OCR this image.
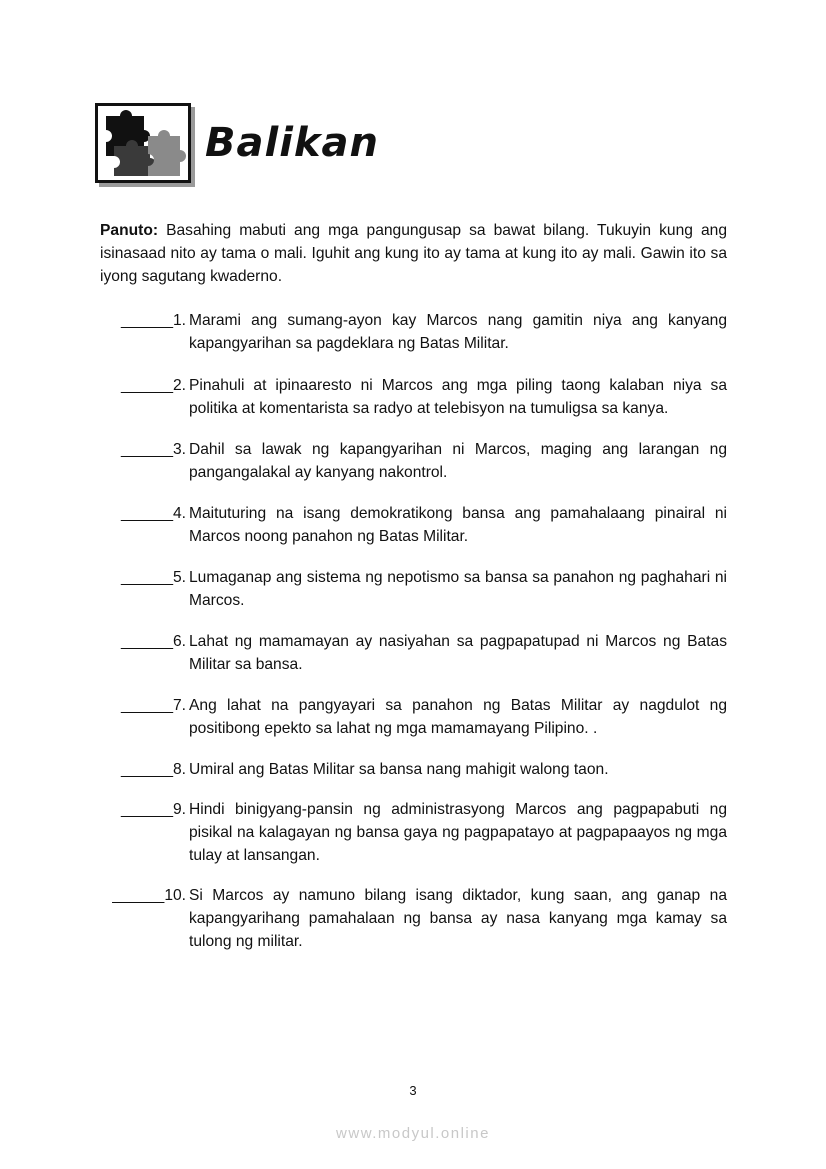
Balikan
Panuto: Basahing mabuti ang mga pangungusap sa bawat bilang. Tukuyin kung ang isinasaad nito ay tama o mali. Iguhit ang kung ito ay tama at kung ito ay mali. Gawin ito sa iyong sagutang kwaderno.
______1. Marami ang sumang-ayon kay Marcos nang gamitin niya ang kanyang kapangyarihan sa pagdeklara ng Batas Militar.
______2. Pinahuli at ipinaaresto ni Marcos ang mga piling taong kalaban niya sa politika at komentarista sa radyo at telebisyon na tumuligsa sa kanya.
______3. Dahil sa lawak ng kapangyarihan ni Marcos, maging ang larangan ng pangangalakal ay kanyang nakontrol.
______4. Maituturing na isang demokratikong bansa ang pamahalaang pinairal ni Marcos noong panahon ng Batas Militar.
______5. Lumaganap ang sistema ng nepotismo sa bansa sa panahon ng paghahari ni Marcos.
______6. Lahat ng mamamayan ay nasiyahan sa pagpapatupad ni Marcos ng Batas Militar sa bansa.
______7. Ang lahat na pangyayari sa panahon ng Batas Militar ay nagdulot ng positibong epekto sa lahat ng mga mamamayang Pilipino. .
______8. Umiral ang Batas Militar sa bansa nang mahigit walong taon.
______9. Hindi binigyang-pansin ng administrasyong Marcos ang pagpapabuti ng pisikal na kalagayan ng bansa gaya ng pagpapatayo at pagpapaayos ng mga tulay at lansangan.
______10. Si Marcos ay namuno bilang isang diktador, kung saan, ang ganap na kapangyarihang pamahalaan ng bansa ay nasa kanyang mga kamay sa tulong ng militar.
3
www.modyul.online
